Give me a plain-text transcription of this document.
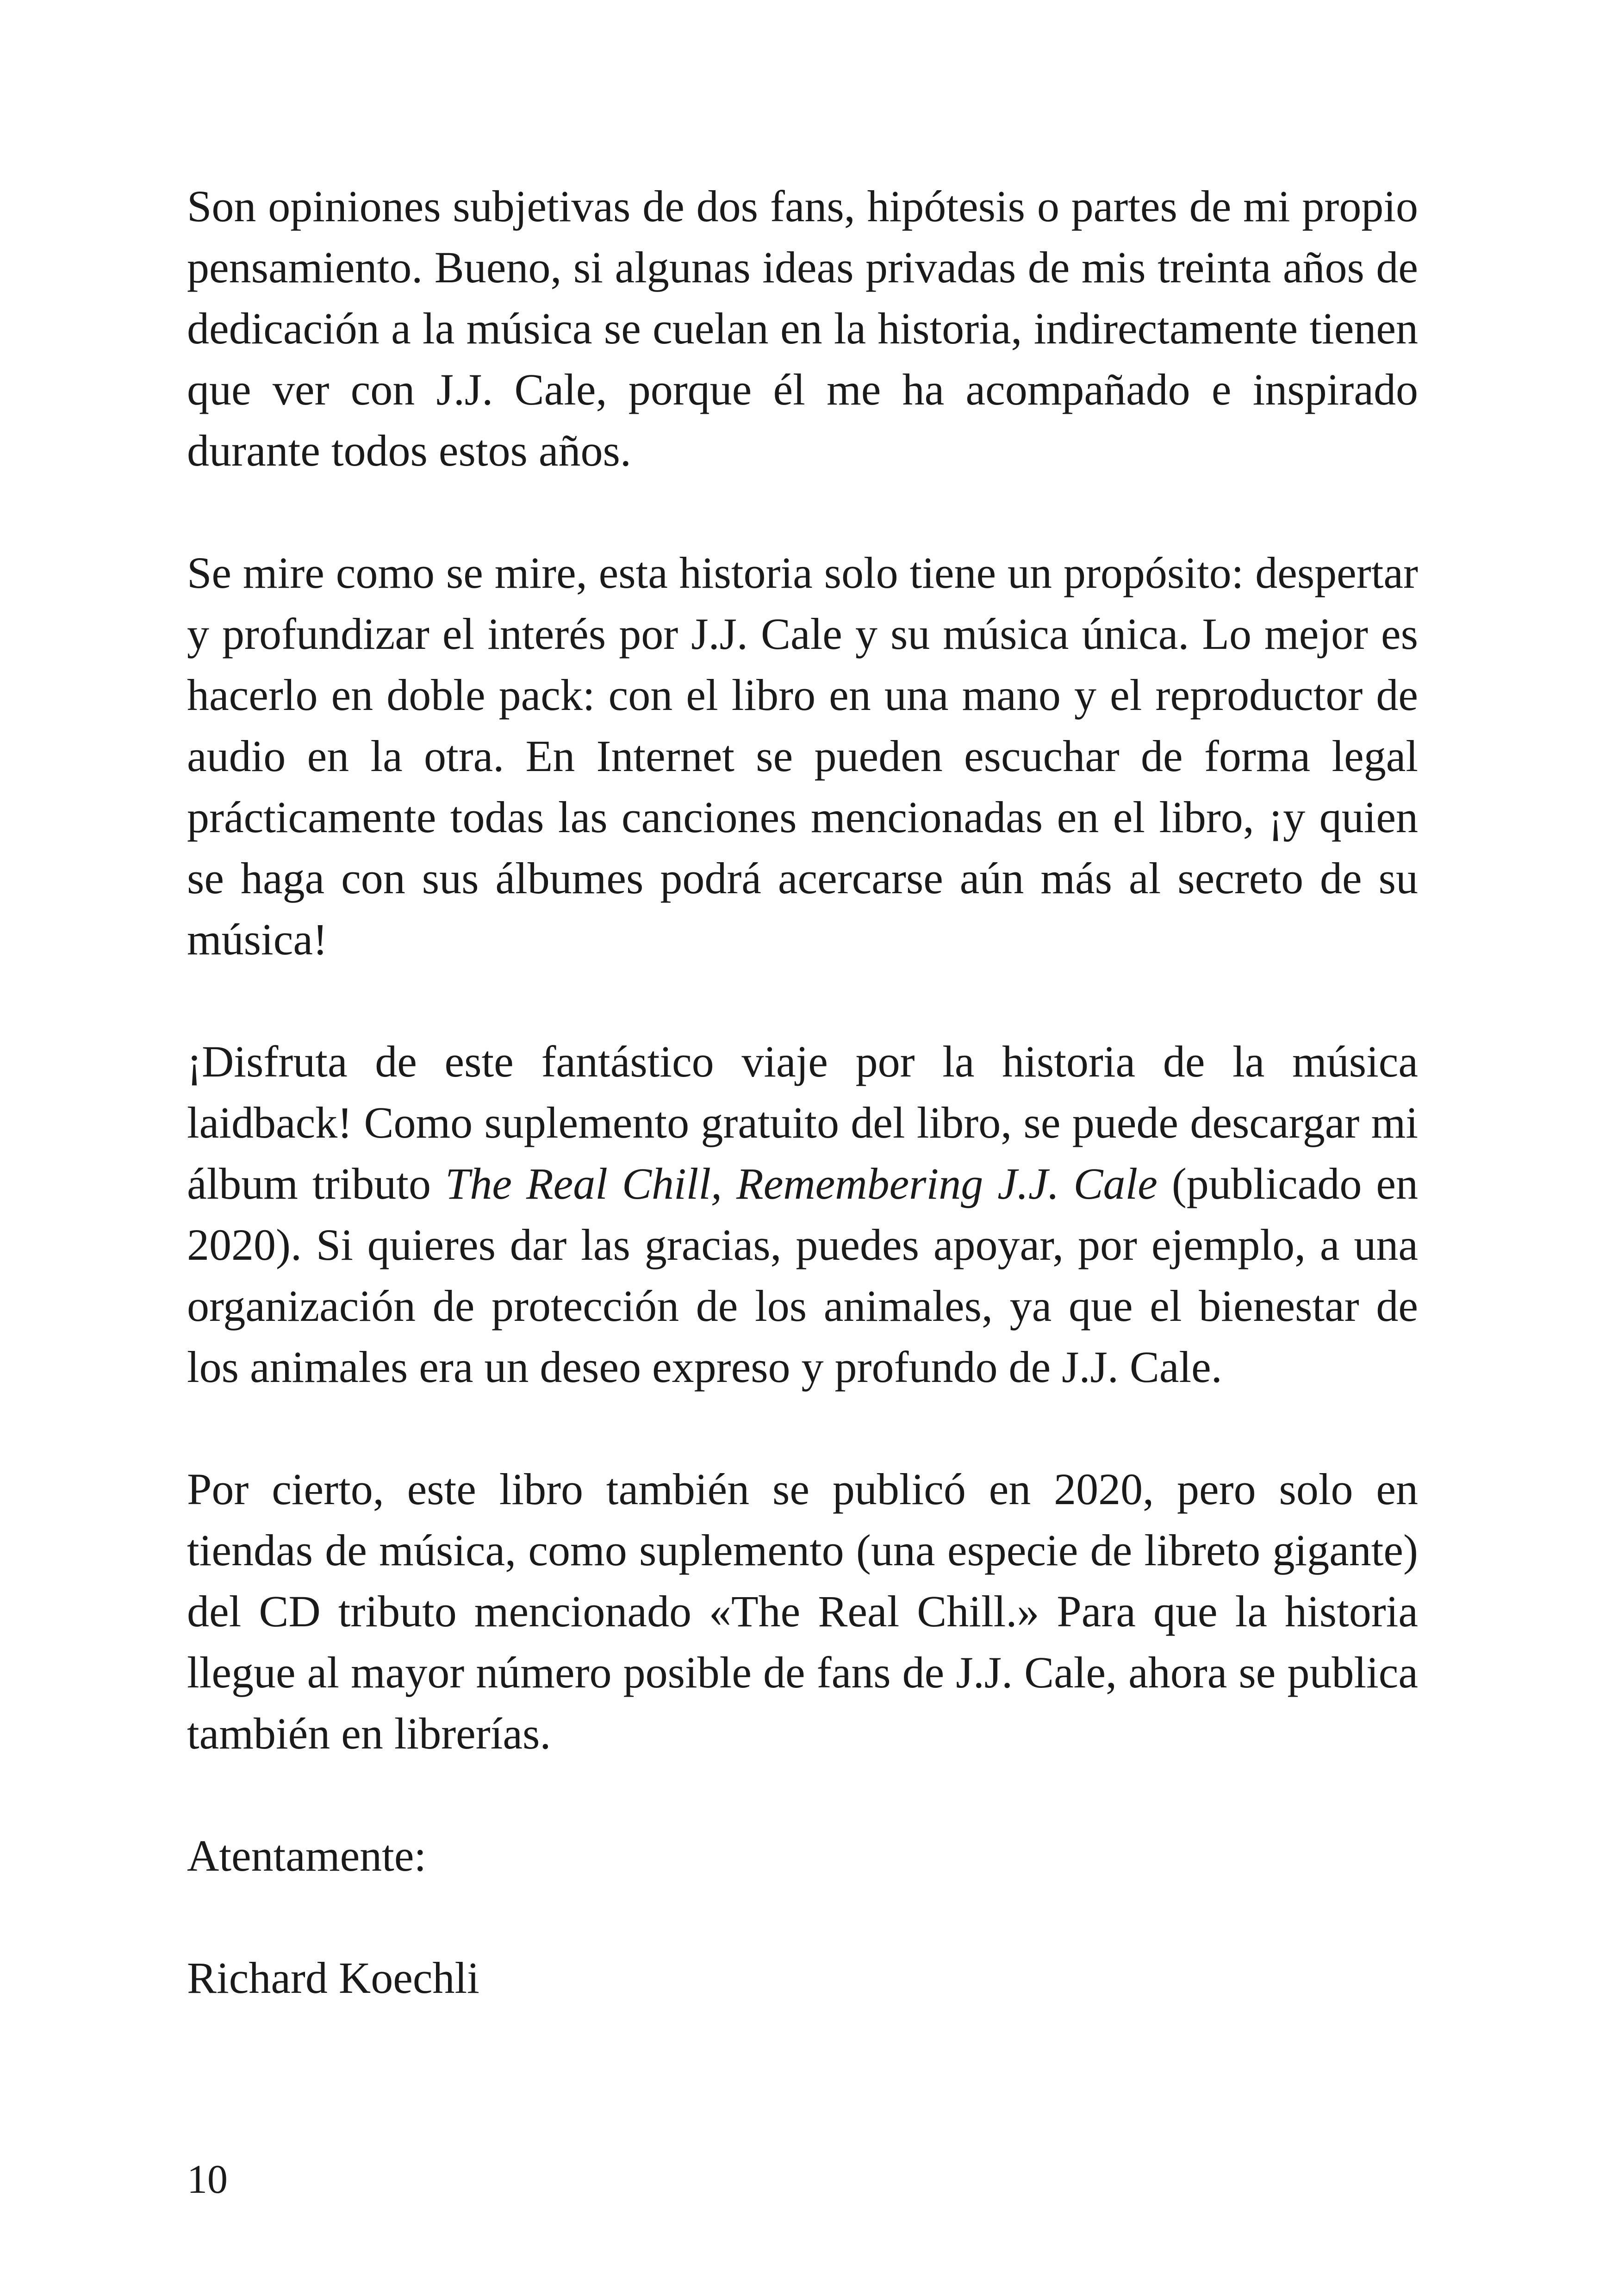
Son opiniones subjetivas de dos fans, hipótesis o partes de mi propio pensamiento. Bueno, si algunas ideas privadas de mis treinta años de dedicación a la música se cuelan en la historia, indirectamente tienen que ver con J.J. Cale, porque él me ha acompañado e inspirado durante todos estos años.

Se mire como se mire, esta historia solo tiene un propósito: despertar y profundizar el interés por J.J. Cale y su música única. Lo mejor es hacerlo en doble pack: con el libro en una mano y el reproductor de audio en la otra. En Internet se pueden escuchar de forma legal prácticamente todas las canciones mencionadas en el libro, ¡y quien se haga con sus álbumes podrá acercarse aún más al secreto de su música!

¡Disfruta de este fantástico viaje por la historia de la música laidback! Como suplemento gratuito del libro, se puede descargar mi álbum tributo The Real Chill, Remembering J.J. Cale (publicado en 2020). Si quieres dar las gracias, puedes apoyar, por ejemplo, a una organización de protección de los animales, ya que el bienestar de los animales era un deseo expreso y profundo de J.J. Cale.

Por cierto, este libro también se publicó en 2020, pero solo en tiendas de música, como suplemento (una especie de libreto gigante) del CD tributo mencionado «The Real Chill.» Para que la historia llegue al mayor número posible de fans de J.J. Cale, ahora se publica también en librerías.

Atentamente:

Richard Koechli

10
